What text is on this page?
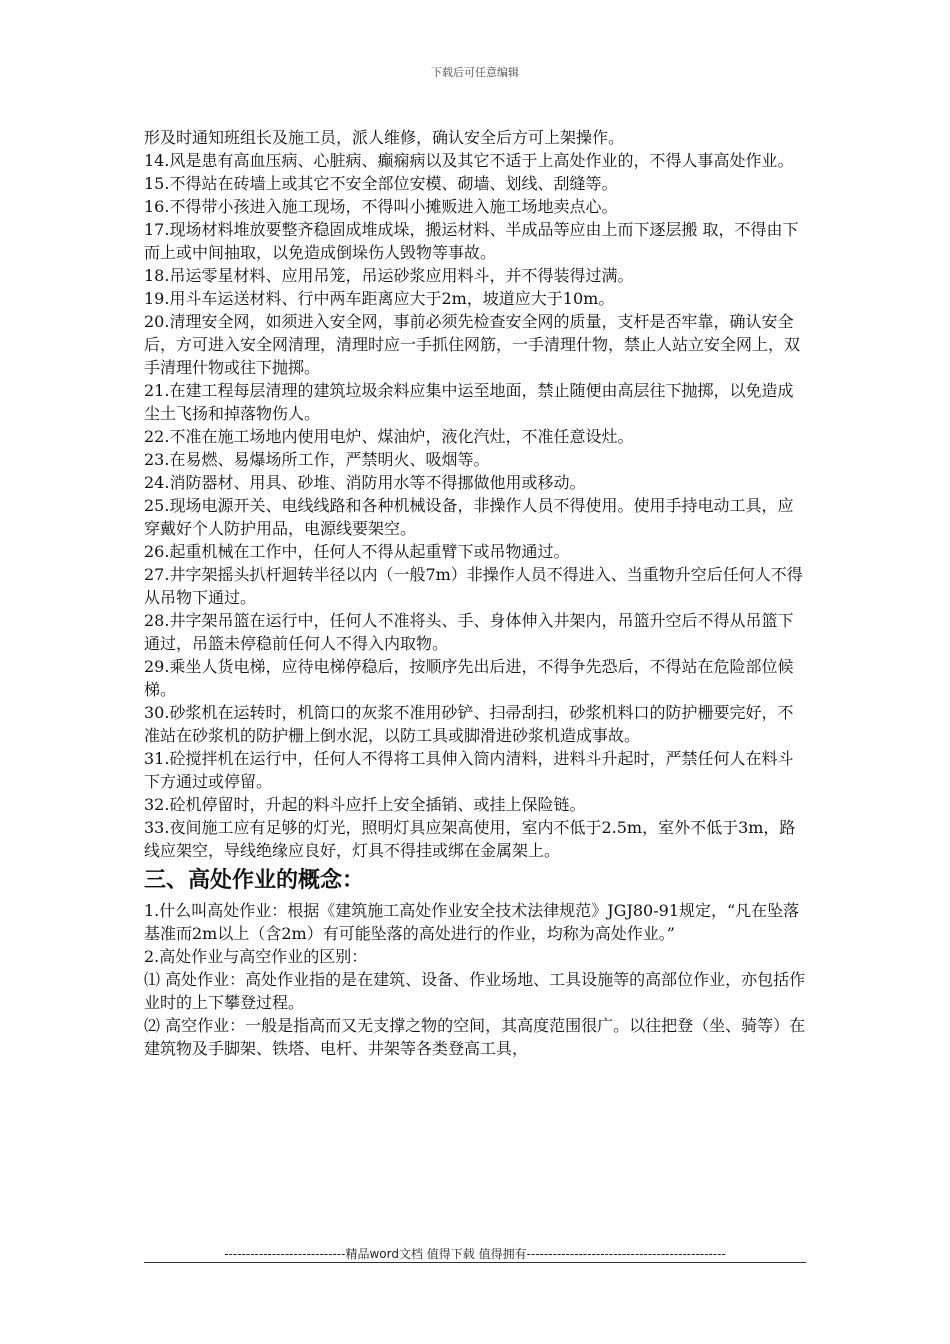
下载后可任意编辑

形及时通知班组长及施工员，派人维修，确认安全后方可上架操作。

14.风是患有高血压病、心脏病、癫痫病以及其它不适于上高处作业的，不得人事高处作业。

15.不得站在砖墙上或其它不安全部位安模、砌墙、划线、刮缝等。

16.不得带小孩进入施工现场，不得叫小摊贩进入施工场地卖点心。

17.现场材料堆放要整齐稳固成堆成垛，搬运材料、半成品等应由上而下逐层搬 取，不得由下而上或中间抽取，以免造成倒垛伤人毁物等事故。

18.吊运零星材料、应用吊笼，吊运砂浆应用料斗，并不得装得过满。

19.用斗车运送材料、行中两车距离应大于2m，坡道应大于10m。

20.清理安全网，如须进入安全网，事前必须先检查安全网的质量，支杆是否牢靠，确认安全后，方可进入安全网清理，清理时应一手抓住网筋，一手清理什物，禁止人站立安全网上，双手清理什物或往下抛掷。

21.在建工程每层清理的建筑垃圾余料应集中运至地面，禁止随便由高层往下抛掷，以免造成尘土飞扬和掉落物伤人。

22.不准在施工场地内使用电炉、煤油炉，液化汽灶，不准任意设灶。

23.在易燃、易爆场所工作，严禁明火、吸烟等。

24.消防器材、用具、砂堆、消防用水等不得挪做他用或移动。

25.现场电源开关、电线线路和各种机械设备，非操作人员不得使用。使用手持电动工具，应穿戴好个人防护用品，电源线要架空。

26.起重机械在工作中，任何人不得从起重臂下或吊物通过。

27.井字架摇头扒杆迴转半径以内（一般7m）非操作人员不得进入、当重物升空后任何人不得从吊物下通过。

28.井字架吊篮在运行中，任何人不准将头、手、身体伸入井架内，吊篮升空后不得从吊篮下通过，吊篮未停稳前任何人不得入内取物。

29.乘坐人货电梯，应待电梯停稳后，按顺序先出后进，不得争先恐后，不得站在危险部位候梯。

30.砂浆机在运转时，机筒口的灰浆不准用砂铲、扫帚刮扫，砂浆机料口的防护栅要完好，不准站在砂浆机的防护栅上倒水泥，以防工具或脚滑进砂浆机造成事故。

31.砼搅拌机在运行中，任何人不得将工具伸入筒内清料，进料斗升起时，严禁任何人在料斗下方通过或停留。

32.砼机停留时，升起的料斗应扦上安全插销、或挂上保险链。

33.夜间施工应有足够的灯光，照明灯具应架高使用，室内不低于2.5m，室外不低于3m，路线应架空，导线绝缘应良好，灯具不得挂或绑在金属架上。

三、高处作业的概念：

1.什么叫高处作业：根据《建筑施工高处作业安全技术法律规范》JGJ80-91规定，“凡在坠落基准而2m以上（含2m）有可能坠落的高处进行的作业，均称为高处作业。”

2.高处作业与高空作业的区别：

⑴ 高处作业：高处作业指的是在建筑、设备、作业场地、工具设施等的高部位作业，亦包括作业时的上下攀登过程。

⑵ 高空作业：一般是指高而又无支撑之物的空间，其高度范围很广。以往把登（坐、骑等）在建筑物及手脚架、铁塔、电杆、井架等各类登高工具，

----------------------------精品word文档 值得下载 值得拥有----------------------------------------------
